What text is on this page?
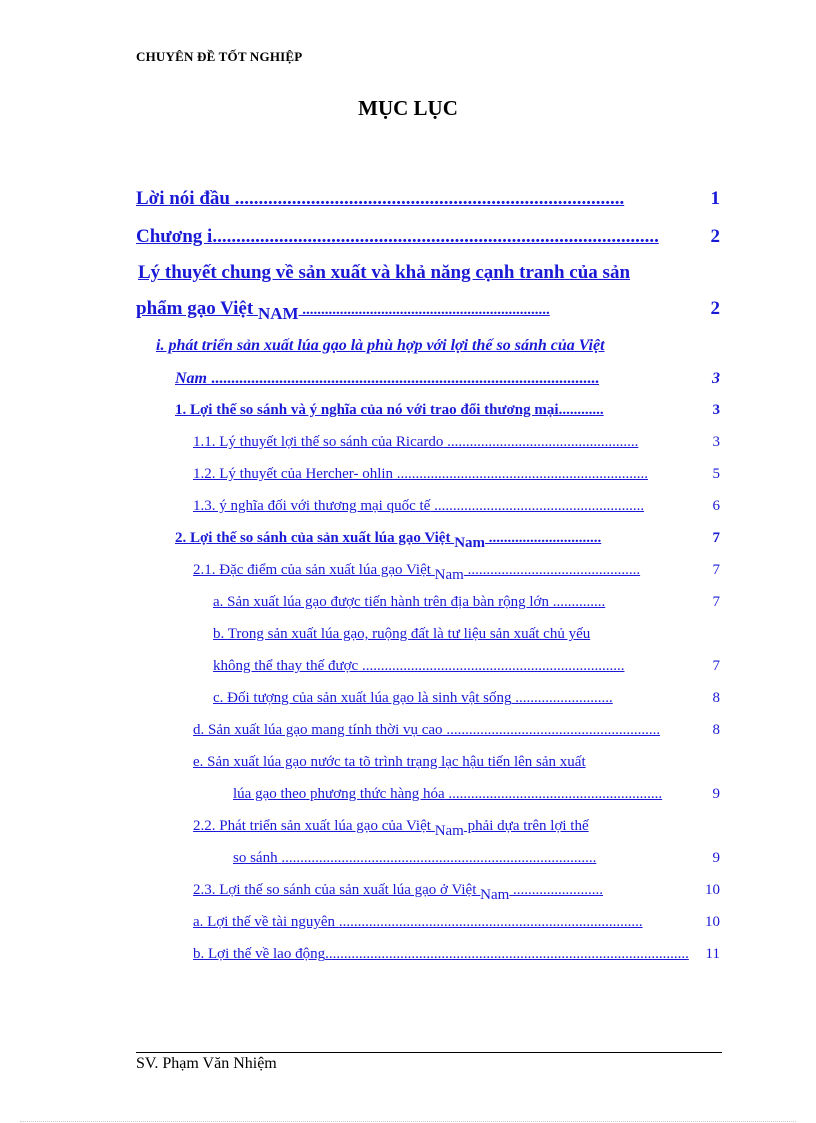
CHUYÊN ĐỀ TỐT NGHIỆP
MỤC LỤC
Lời nói đầu ..................................................................................	1
Chương i..............................................................................................	2
Lý thuyết chung về sản xuất và khả năng cạnh tranh của sản
phẩm gạo Việt NAM ..................................................................	2
i. phát triển sản xuất lúa gạo là phù hợp với lợi thế so sánh của Việt
Nam .................................................................................................	3
1. Lợi thế so sánh và ý nghĩa của nó với trao đổi thương mại............	3
1.1. Lý thuyết lợi thế so sánh của Ricardo ...................................................	3
1.2. Lý thuyết của Hercher- ohlin ...................................................................	5
1.3. ý nghĩa đối với thương mại quốc tế ........................................................	6
2. Lợi thế so sánh của sản xuất lúa gạo Việt Nam ..............................	7
2.1. Đặc điểm của sản xuất lúa gạo Việt Nam ..............................................	7
a. Sản xuất lúa gạo được tiến hành trên địa bàn rộng lớn ..............	7
b. Trong sản xuất lúa gạo, ruộng đất là tư liệu sản xuất chủ yếu
không thể thay thế được ......................................................................	7
c. Đối tượng của sản xuất lúa gạo là sinh vật sống ..........................	8
d. Sản xuất lúa gạo mang tính thời vụ cao .........................................................	8
e. Sản xuất lúa gạo nước ta tõ trình trạng lạc hậu tiến lên sản xuất
lúa gạo theo phương thức hàng hóa .........................................................	9
2.2. Phát triển sản xuất lúa gạo của Việt Nam phải dựa trên lợi thế
so sánh ....................................................................................	9
2.3. Lợi thế so sánh của sản xuất lúa gạo ở Việt Nam ........................	10
a. Lợi thế về tài nguyên .................................................................................	10
b. Lợi thế về lao động................................................................................................. 11
SV. Phạm Văn Nhiệm
